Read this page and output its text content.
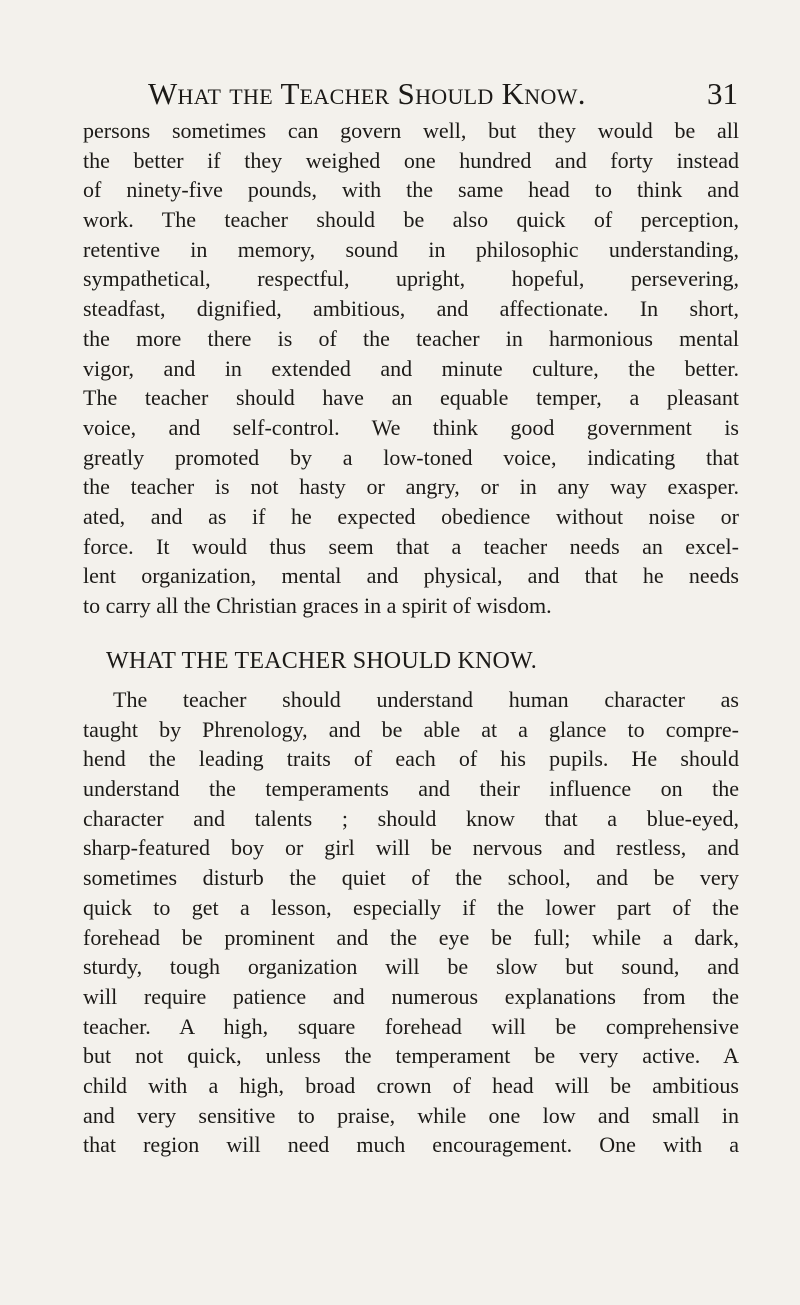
What the Teacher Should Know.	31
persons sometimes can govern well, but they would be all
the better if they weighed one hundred and forty instead
of ninety-five pounds, with the same head to think and
work. The teacher should be also quick of perception,
retentive in memory, sound in philosophic understanding,
sympathetical, respectful, upright, hopeful, persevering,
steadfast, dignified, ambitious, and affectionate. In short,
the more there is of the teacher in harmonious mental
vigor, and in extended and minute culture, the better.
The teacher should have an equable temper, a pleasant
voice, and self-control. We think good government is
greatly promoted by a low-toned voice, indicating that
the teacher is not hasty or angry, or in any way exasper.
ated, and as if he expected obedience without noise or
force. It would thus seem that a teacher needs an excel-
lent organization, mental and physical, and that he needs
to carry all the Christian graces in a spirit of wisdom.
WHAT THE TEACHER SHOULD KNOW.
The teacher should understand human character as
taught by Phrenology, and be able at a glance to compre-
hend the leading traits of each of his pupils. He should
understand the temperaments and their influence on the
character and talents ; should know that a blue-eyed,
sharp-featured boy or girl will be nervous and restless, and
sometimes disturb the quiet of the school, and be very
quick to get a lesson, especially if the lower part of the
forehead be prominent and the eye be full; while a dark,
sturdy, tough organization will be slow but sound, and
will require patience and numerous explanations from the
teacher. A high, square forehead will be comprehensive
but not quick, unless the temperament be very active. A
child with a high, broad crown of head will be ambitious
and very sensitive to praise, while one low and small in
that region will need much encouragement. One with a
